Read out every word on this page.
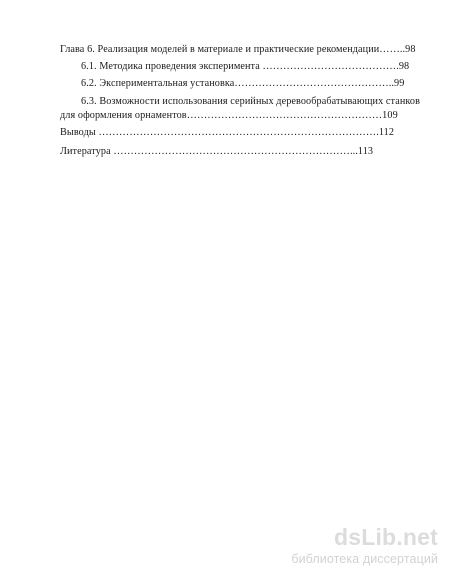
Глава 6. Реализация моделей в материале и практические рекомендации……..98
6.1. Методика проведения эксперимента ………………………………….98
6.2. Экспериментальная установка………………………………………..99
6.3. Возможности использования серийных деревообрабатывающих станков
для оформления орнаментов…………………………………………………109
Выводы ……………………………………………………………………….112
Литература ……………………………………………………………...113
dsLib.net
библиотека диссертаций
